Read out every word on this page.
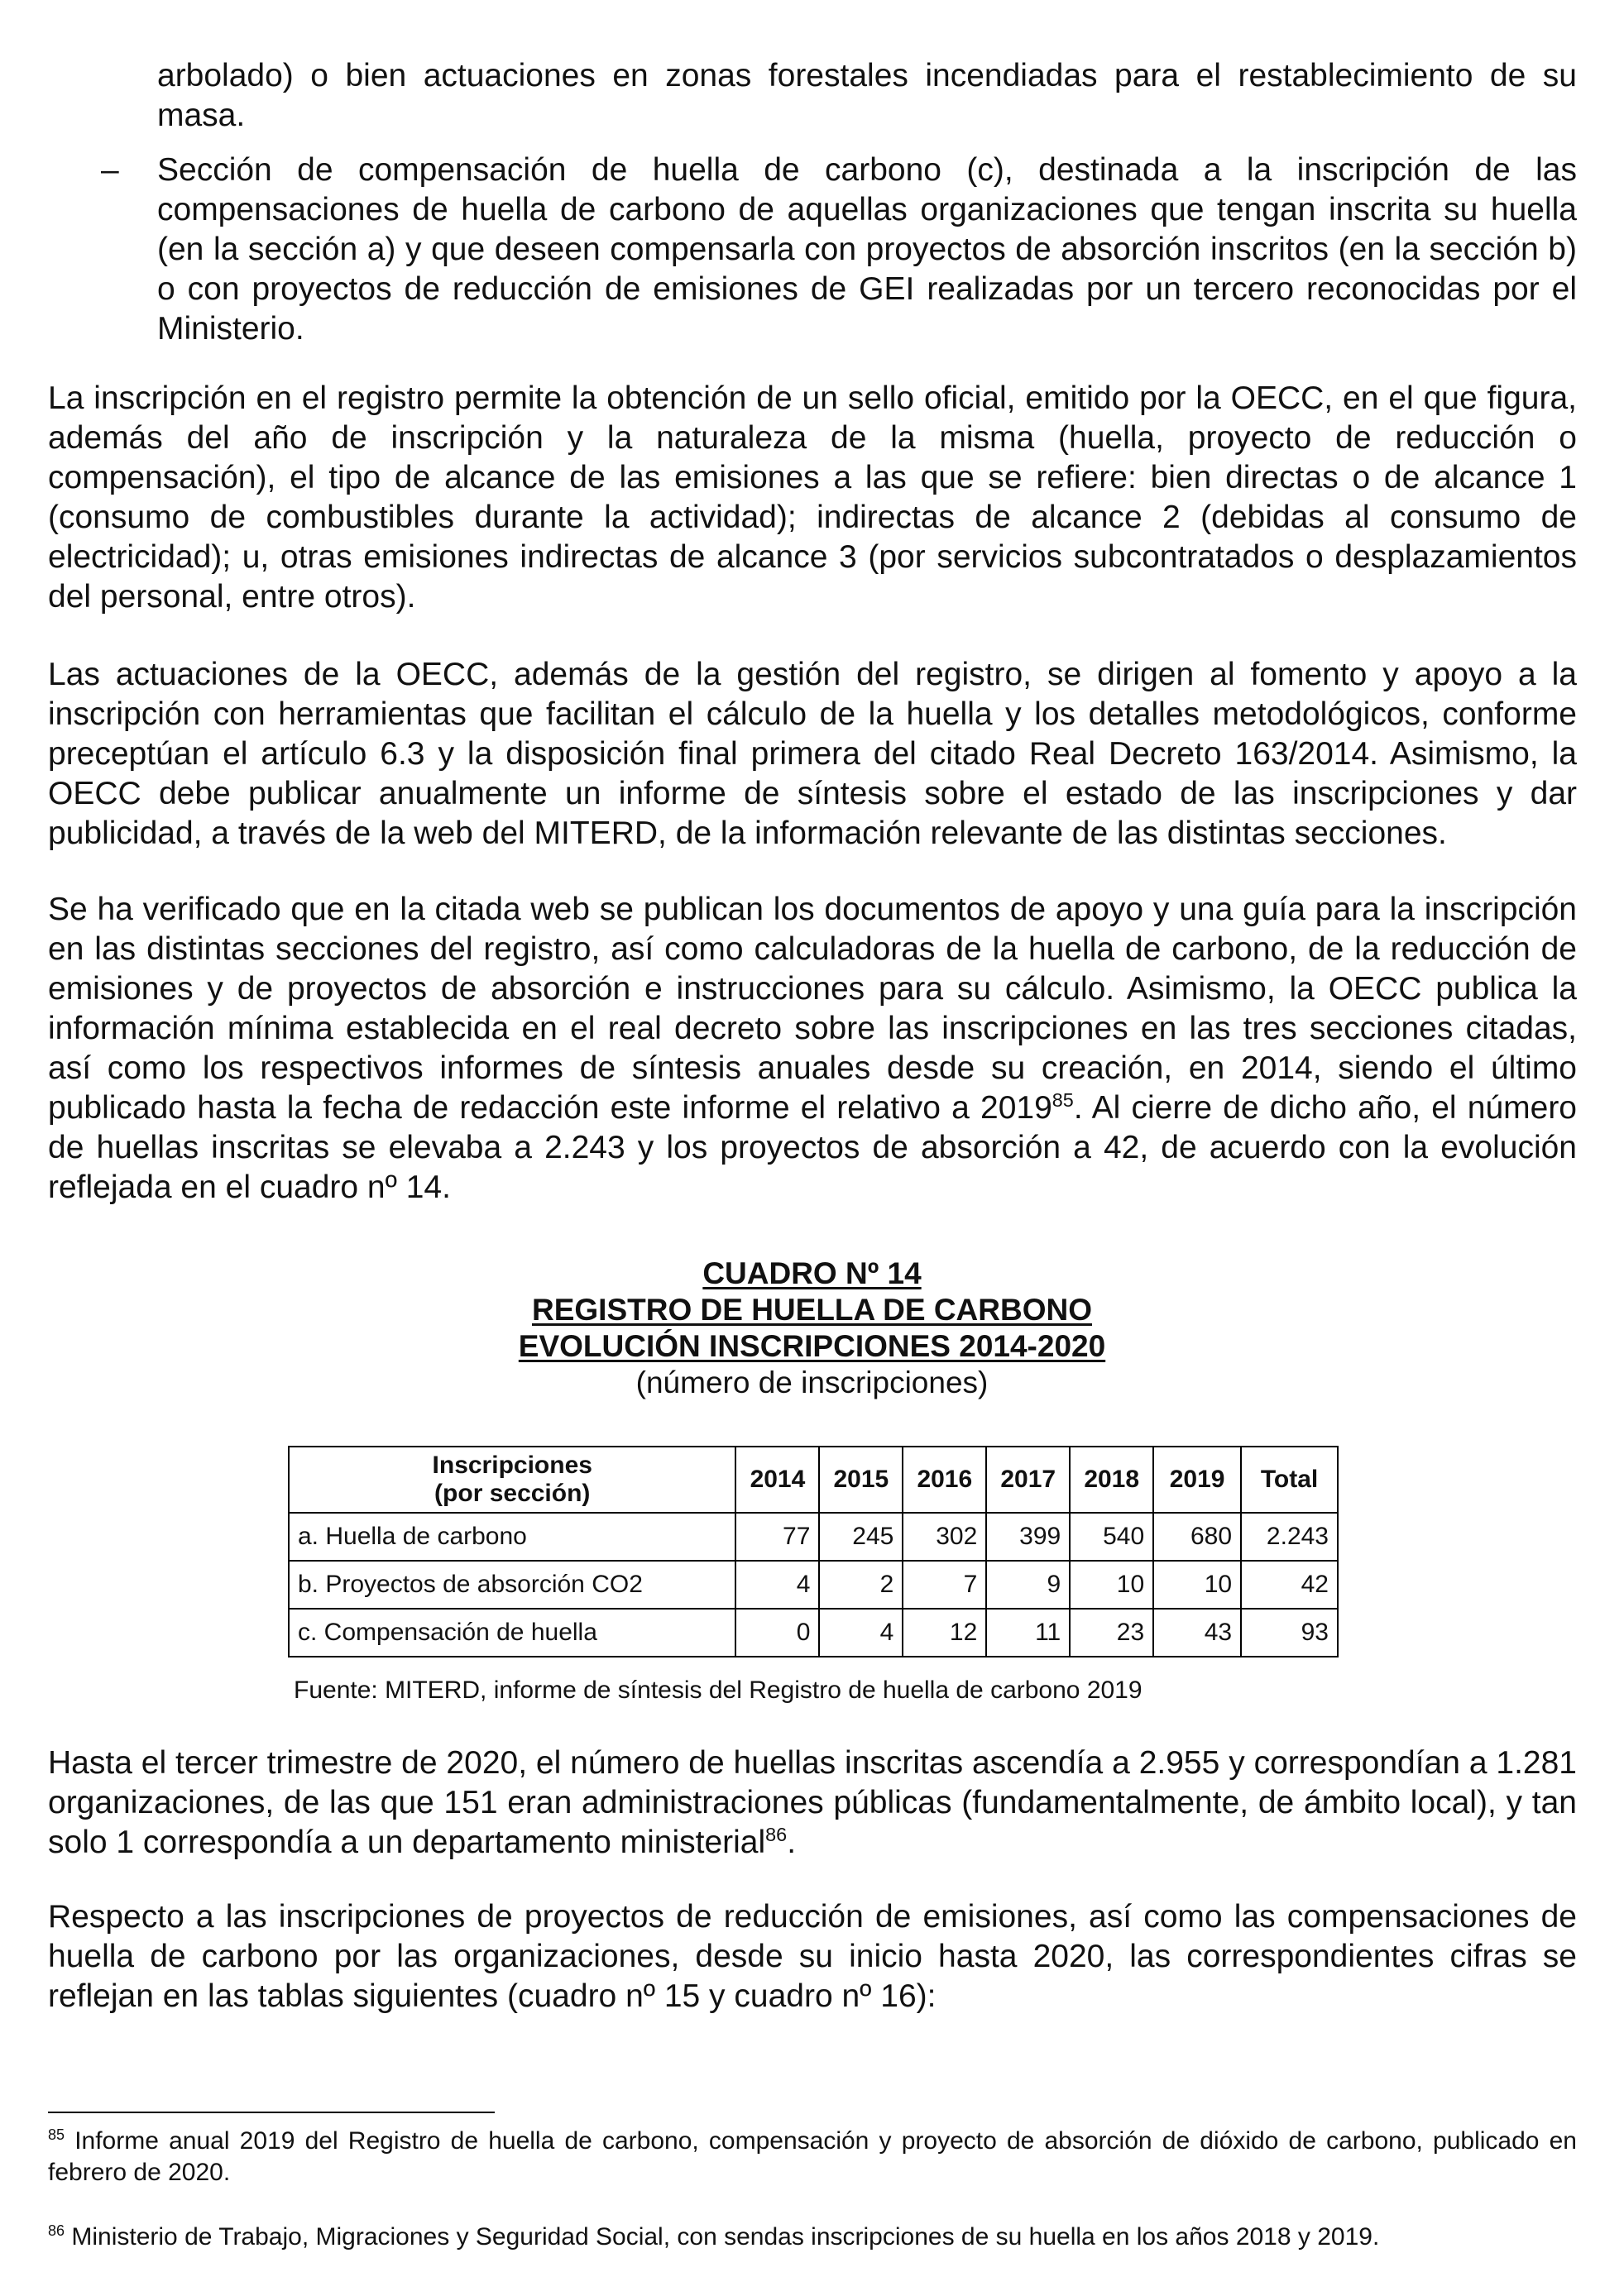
arbolado) o bien actuaciones en zonas forestales incendiadas para el restablecimiento de su masa.

– Sección de compensación de huella de carbono (c), destinada a la inscripción de las compensaciones de huella de carbono de aquellas organizaciones que tengan inscrita su huella (en la sección a) y que deseen compensarla con proyectos de absorción inscritos (en la sección b) o con proyectos de reducción de emisiones de GEI realizadas por un tercero reconocidas por el Ministerio.

La inscripción en el registro permite la obtención de un sello oficial, emitido por la OECC, en el que figura, además del año de inscripción y la naturaleza de la misma (huella, proyecto de reducción o compensación), el tipo de alcance de las emisiones a las que se refiere: bien directas o de alcance 1 (consumo de combustibles durante la actividad); indirectas de alcance 2 (debidas al consumo de electricidad); u, otras emisiones indirectas de alcance 3 (por servicios subcontratados o desplazamientos del personal, entre otros).

Las actuaciones de la OECC, además de la gestión del registro, se dirigen al fomento y apoyo a la inscripción con herramientas que facilitan el cálculo de la huella y los detalles metodológicos, conforme preceptúan el artículo 6.3 y la disposición final primera del citado Real Decreto 163/2014. Asimismo, la OECC debe publicar anualmente un informe de síntesis sobre el estado de las inscripciones y dar publicidad, a través de la web del MITERD, de la información relevante de las distintas secciones.

Se ha verificado que en la citada web se publican los documentos de apoyo y una guía para la inscripción en las distintas secciones del registro, así como calculadoras de la huella de carbono, de la reducción de emisiones y de proyectos de absorción e instrucciones para su cálculo. Asimismo, la OECC publica la información mínima establecida en el real decreto sobre las inscripciones en las tres secciones citadas, así como los respectivos informes de síntesis anuales desde su creación, en 2014, siendo el último publicado hasta la fecha de redacción este informe el relativo a 2019$^{85}$. Al cierre de dicho año, el número de huellas inscritas se elevaba a 2.243 y los proyectos de absorción a 42, de acuerdo con la evolución reflejada en el cuadro nº 14.

CUADRO Nº 14
REGISTRO DE HUELLA DE CARBONO
EVOLUCIÓN INSCRIPCIONES 2014-2020
(número de inscripciones)
Inscripciones
(por sección)	2014	2015	2016	2017	2018	2019	Total
a. Huella de carbono	77	245	302	399	540	680	2.243
b. Proyectos de absorción CO2	4	2	7	9	10	10	42
c. Compensación de huella	0	4	12	11	23	43	93
Fuente: MITERD, informe de síntesis del Registro de huella de carbono 2019

Hasta el tercer trimestre de 2020, el número de huellas inscritas ascendía a 2.955 y correspondían a 1.281 organizaciones, de las que 151 eran administraciones públicas (fundamentalmente, de ámbito local), y tan solo 1 correspondía a un departamento ministerial$^{86}$.

Respecto a las inscripciones de proyectos de reducción de emisiones, así como las compensaciones de huella de carbono por las organizaciones, desde su inicio hasta 2020, las correspondientes cifras se reflejan en las tablas siguientes (cuadro nº 15 y cuadro nº 16):

$^{85}$ Informe anual 2019 del Registro de huella de carbono, compensación y proyecto de absorción de dióxido de carbono, publicado en febrero de 2020.

$^{86}$ Ministerio de Trabajo, Migraciones y Seguridad Social, con sendas inscripciones de su huella en los años 2018 y 2019.
